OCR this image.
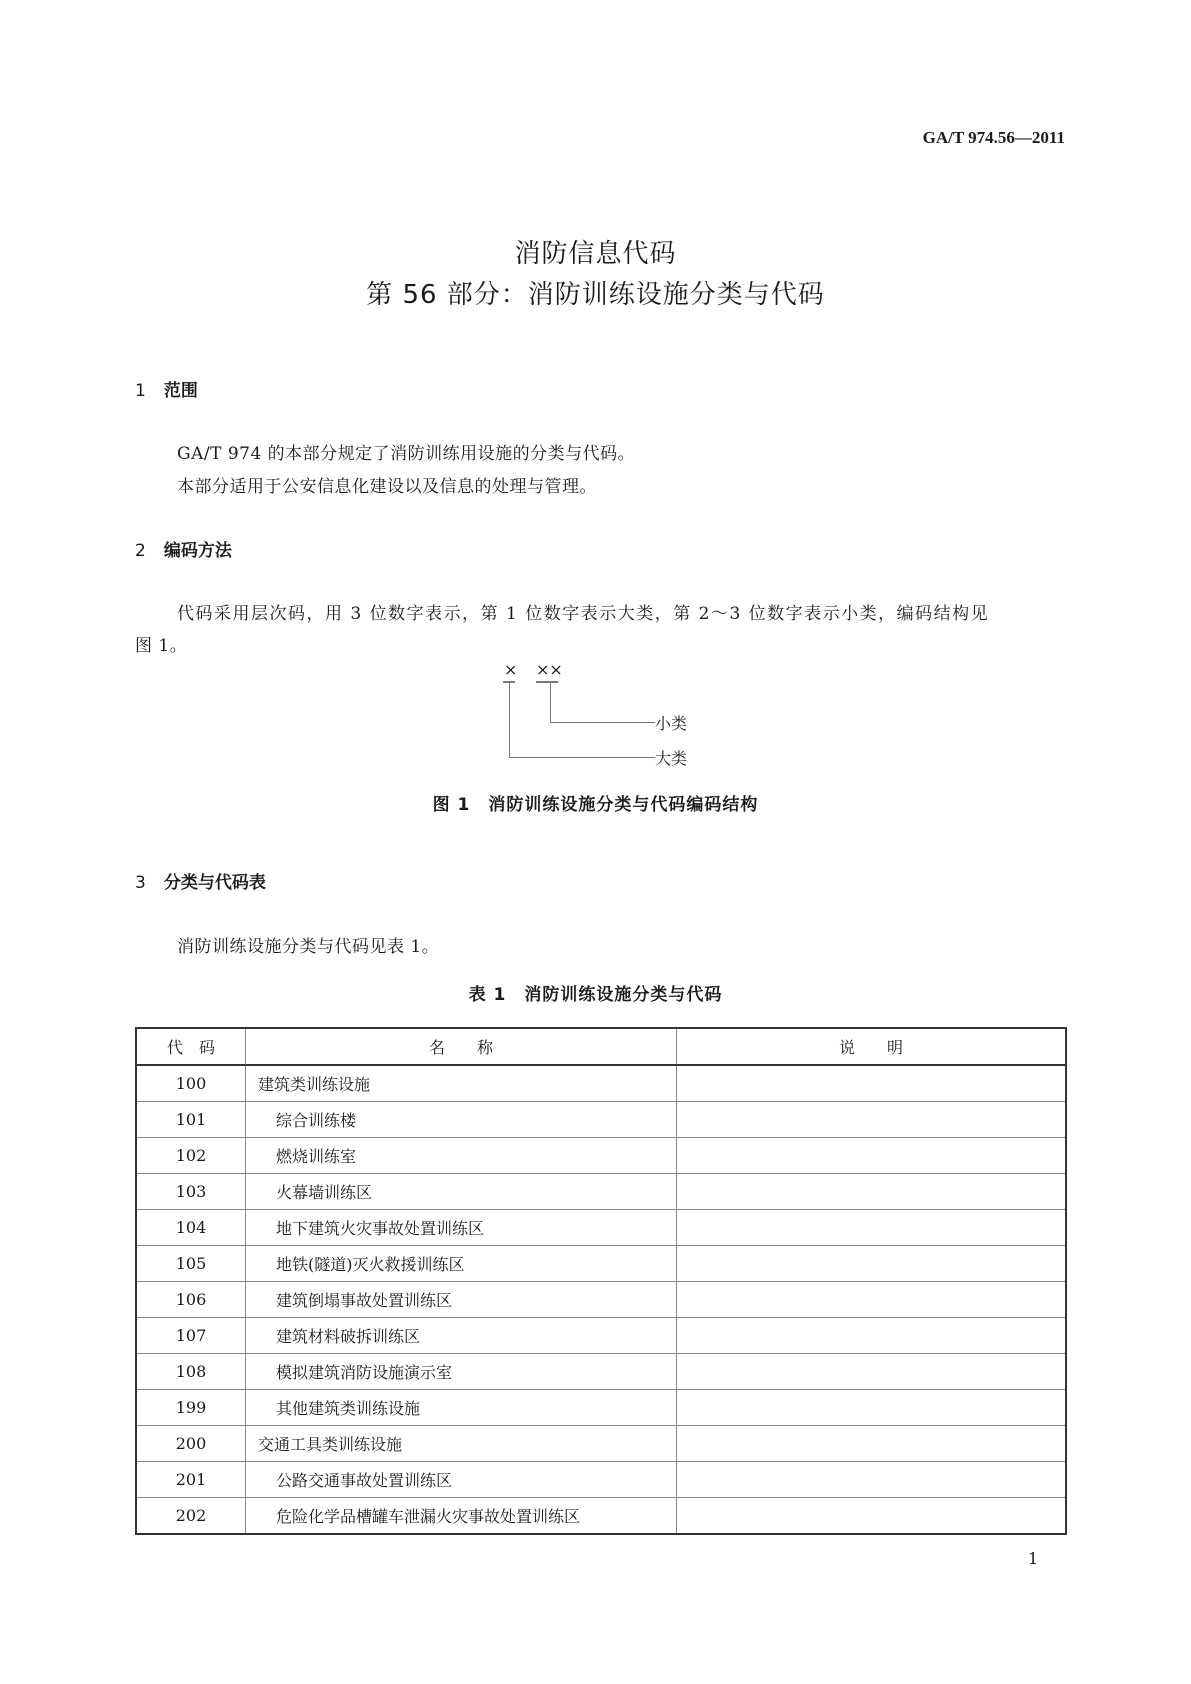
GA/T 974.56—2011
消防信息代码
第 56 部分：消防训练设施分类与代码
1 范围
GA/T 974 的本部分规定了消防训练用设施的分类与代码。
本部分适用于公安信息化建设以及信息的处理与管理。
2 编码方法
代码采用层次码，用 3 位数字表示，第 1 位数字表示大类，第 2～3 位数字表示小类，编码结构见
图 1。
× ××
小类
大类
图 1　消防训练设施分类与代码编码结构
3 分类与代码表
消防训练设施分类与代码见表 1。
表 1　消防训练设施分类与代码
代　码	名　　称	说　　明
100	建筑类训练设施	
101	综合训练楼	
102	燃烧训练室	
103	火幕墙训练区	
104	地下建筑火灾事故处置训练区	
105	地铁(隧道)灭火救援训练区	
106	建筑倒塌事故处置训练区	
107	建筑材料破拆训练区	
108	模拟建筑消防设施演示室	
199	其他建筑类训练设施	
200	交通工具类训练设施	
201	公路交通事故处置训练区	
202	危险化学品槽罐车泄漏火灾事故处置训练区	
1
